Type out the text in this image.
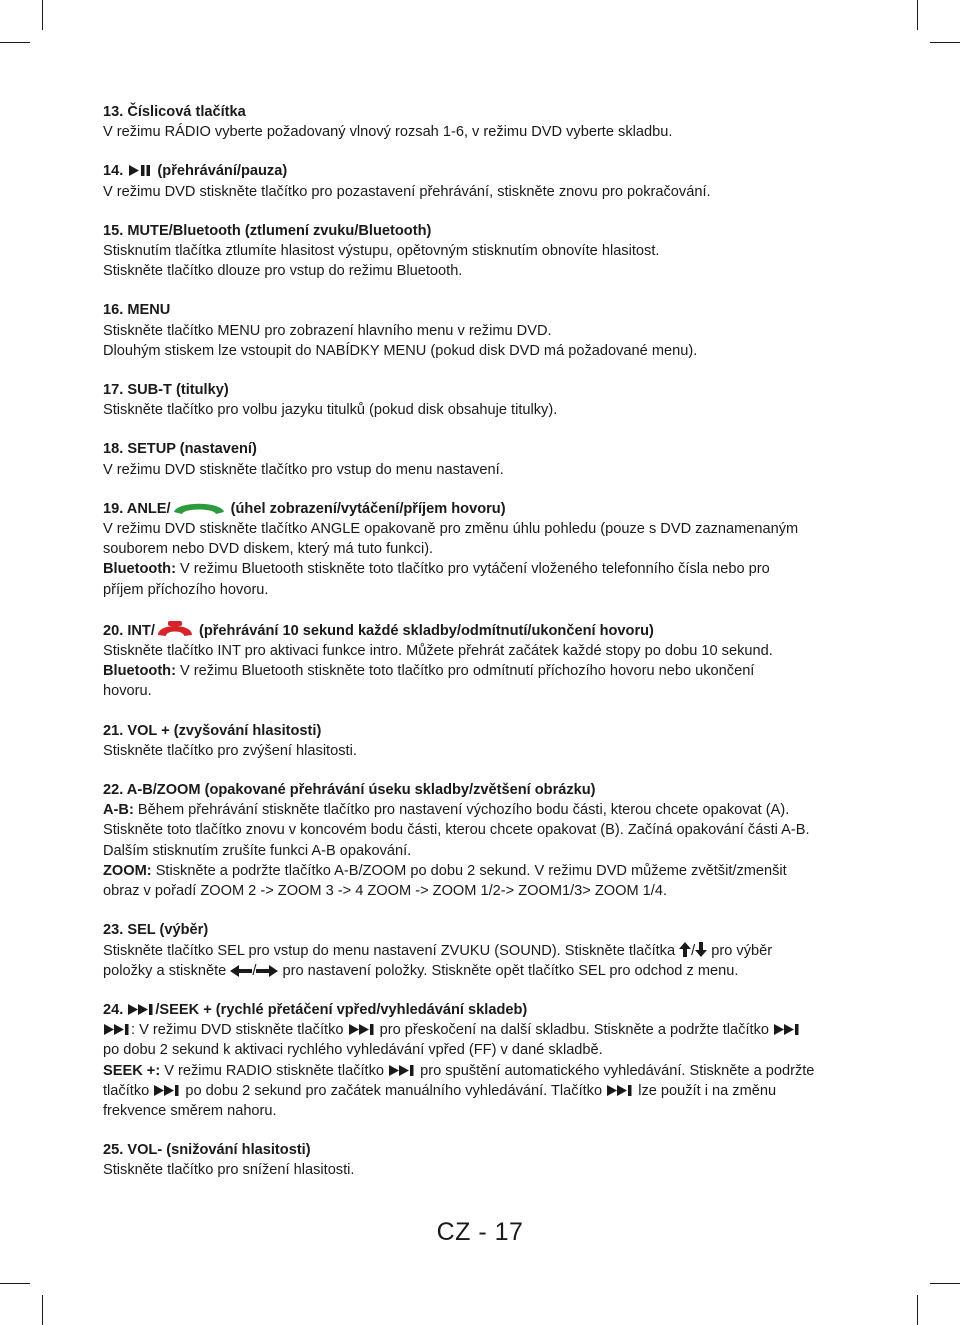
13. Číslicová tlačítka

V režimu RÁDIO vyberte požadovaný vlnový rozsah 1-6, v režimu DVD vyberte skladbu.

14. (přehrávání/pauza)

V režimu DVD stiskněte tlačítko pro pozastavení přehrávání, stiskněte znovu pro pokračování.

15. MUTE/Bluetooth (ztlumení zvuku/Bluetooth)

Stisknutím tlačítka ztlumíte hlasitost výstupu, opětovným stisknutím obnovíte hlasitost.

Stiskněte tlačítko dlouze pro vstup do režimu Bluetooth.

16. MENU

Stiskněte tlačítko MENU pro zobrazení hlavního menu v režimu DVD.

Dlouhým stiskem lze vstoupit do NABÍDKY MENU (pokud disk DVD má požadované menu).

17. SUB-T (titulky)

Stiskněte tlačítko pro volbu jazyku titulků (pokud disk obsahuje titulky).

18. SETUP (nastavení)

V režimu DVD stiskněte tlačítko pro vstup do menu nastavení.

19. ANLE/	(úhel zobrazení/vytáčení/příjem hovoru)

V režimu DVD stiskněte tlačítko ANGLE opakovaně pro změnu úhlu pohledu (pouze s DVD zaznamenaným

souborem nebo DVD diskem, který má tuto funkci).

Bluetooth: V režimu Bluetooth stiskněte toto tlačítko pro vytáčení vloženého telefonního čísla nebo pro

příjem příchozího hovoru.

20. INT/	(přehrávání 10 sekund každé skladby/odmítnutí/ukončení hovoru)

Stiskněte tlačítko INT pro aktivaci funkce intro. Můžete přehrát začátek každé stopy po dobu 10 sekund.

Bluetooth: V režimu Bluetooth stiskněte toto tlačítko pro odmítnutí příchozího hovoru nebo ukončení

hovoru.

21. VOL + (zvyšování hlasitosti)

Stiskněte tlačítko pro zvýšení hlasitosti.

22. A-B/ZOOM (opakované přehrávání úseku skladby/zvětšení obrázku)

A-B: Během přehrávání stiskněte tlačítko pro nastavení výchozího bodu části, kterou chcete opakovat (A).

Stiskněte toto tlačítko znovu v koncovém bodu části, kterou chcete opakovat (B). Začíná opakování části A-B.

Dalším stisknutím zrušíte funkci A-B opakování.

ZOOM: Stiskněte a podržte tlačítko A-B/ZOOM po dobu 2 sekund. V režimu DVD můžeme zvětšit/zmenšit

obraz v pořadí ZOOM 2 -> ZOOM 3 -> 4 ZOOM -> ZOOM 1/2-> ZOOM1/3> ZOOM 1/4.

23. SEL (výběr)

Stiskněte tlačítko SEL pro vstup do menu nastavení ZVUKU (SOUND). Stiskněte tlačítka / pro výběr

položky a stiskněte / pro nastavení položky. Stiskněte opět tlačítko SEL pro odchod z menu.

24. /SEEK + (rychlé přetáčení vpřed/vyhledávání skladeb)

: V režimu DVD stiskněte tlačítko  pro přeskočení na další skladbu. Stiskněte a podržte tlačítko

po dobu 2 sekund k aktivaci rychlého vyhledávání vpřed (FF) v dané skladbě.

SEEK +: V režimu RADIO stiskněte tlačítko  pro spuštění automatického vyhledávání. Stiskněte a podržte

tlačítko  po dobu 2 sekund pro začátek manuálního vyhledávání. Tlačítko  lze použít i na změnu

frekvence směrem nahoru.

25. VOL- (snižování hlasitosti)

Stiskněte tlačítko pro snížení hlasitosti.

CZ - 17
